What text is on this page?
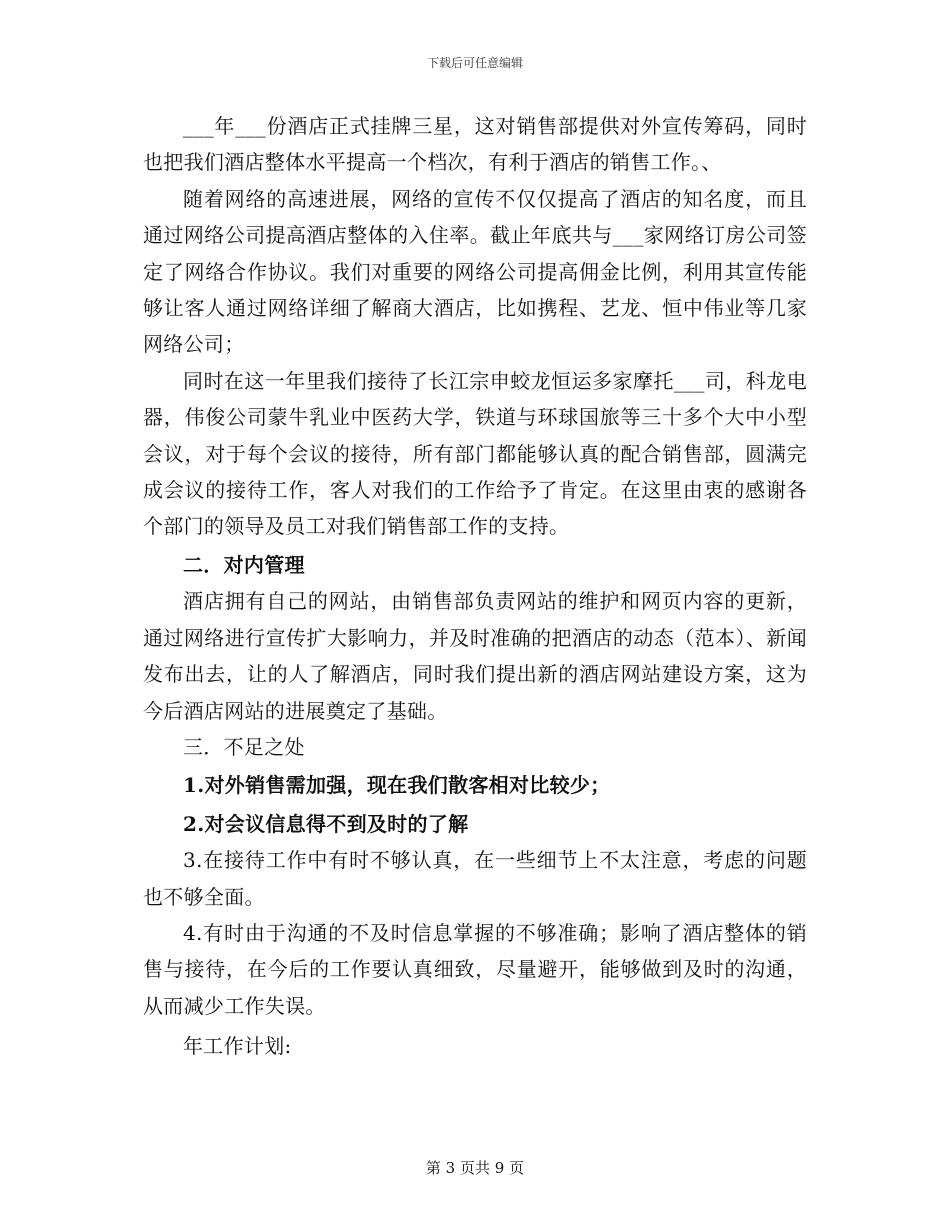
下载后可任意编辑

___年___份酒店正式挂牌三星，这对销售部提供对外宣传筹码，同时也把我们酒店整体水平提高一个档次，有利于酒店的销售工作。、

随着网络的高速进展，网络的宣传不仅仅提高了酒店的知名度，而且通过网络公司提高酒店整体的入住率。截止年底共与___家网络订房公司签定了网络合作协议。我们对重要的网络公司提高佣金比例，利用其宣传能够让客人通过网络详细了解商大酒店，比如携程、艺龙、恒中伟业等几家网络公司；

同时在这一年里我们接待了长江宗申蛟龙恒运多家摩托___司，科龙电器，伟俊公司蒙牛乳业中医药大学，铁道与环球国旅等三十多个大中小型会议，对于每个会议的接待，所有部门都能够认真的配合销售部，圆满完成会议的接待工作，客人对我们的工作给予了肯定。在这里由衷的感谢各个部门的领导及员工对我们销售部工作的支持。

二．对内管理

酒店拥有自己的网站，由销售部负责网站的维护和网页内容的更新，通过网络进行宣传扩大影响力，并及时准确的把酒店的动态（范本）、新闻发布出去，让的人了解酒店，同时我们提出新的酒店网站建设方案，这为今后酒店网站的进展奠定了基础。

三．不足之处

1.对外销售需加强，现在我们散客相对比较少；

2.对会议信息得不到及时的了解

3.在接待工作中有时不够认真，在一些细节上不太注意，考虑的问题也不够全面。

4.有时由于沟通的不及时信息掌握的不够准确；影响了酒店整体的销售与接待，在今后的工作要认真细致，尽量避开，能够做到及时的沟通，从而减少工作失误。

年工作计划:

第 3 页共 9 页
